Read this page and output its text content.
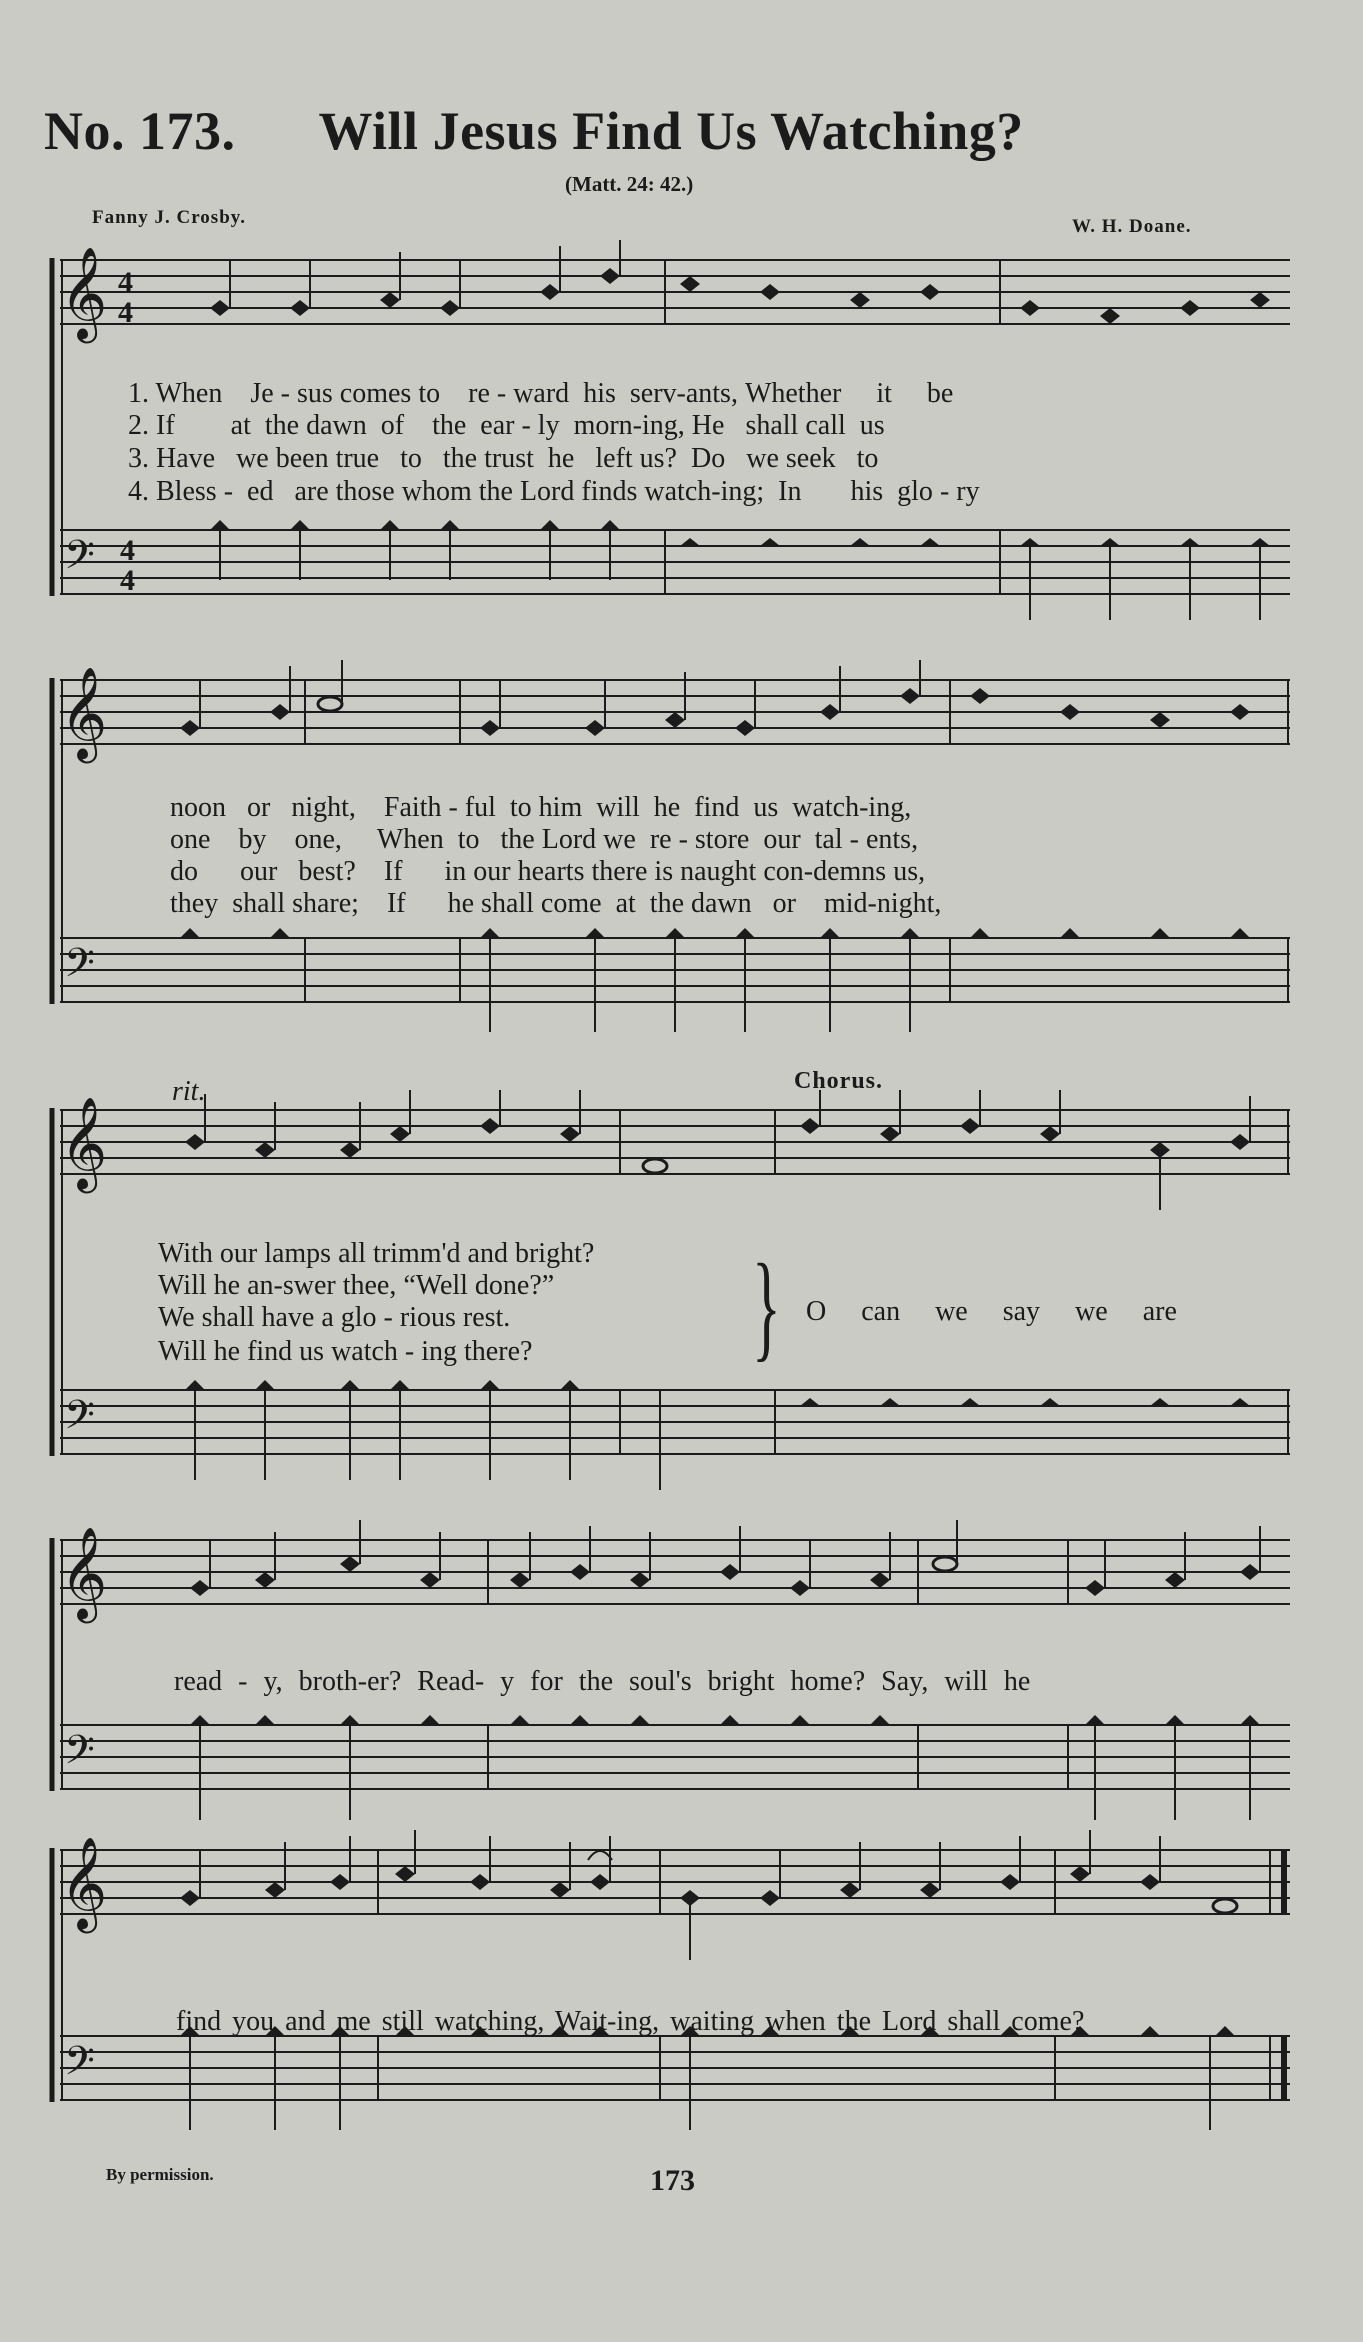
No. 173. Will Jesus Find Us Watching?
(Matt. 24: 42.)
Fanny J. Crosby.	W. H. Doane.
𝄞
𝄢
4
4
4
4
1. When Je - sus comes to re - ward his serv-ants, Whether it be
2. If at the dawn of the ear - ly morn-ing, He shall call us
3. Have we been true to the trust he left us? Do we seek to
4. Bless - ed are those whom the Lord finds watch-ing; In his glo - ry
𝄞
𝄢
noon or night, Faith - ful to him will he find us watch-ing,
one by one, When to the Lord we re - store our tal - ents,
do our best? If in our hearts there is naught con-demns us,
they shall share; If he shall come at the dawn or mid-night,
rit.	Chorus.
𝄞
𝄢
With our lamps all trimm'd and bright?
Will he an-swer thee, “Well done?”
We shall have a glo - rious rest.
Will he find us watch - ing there? } O can we say we are
𝄞
𝄢
read - y, broth-er? Read- y for the soul's bright home? Say, will he
𝄞
𝄢
find you and me still watching, Wait-ing, waiting when the Lord shall come?
By permission.	173
